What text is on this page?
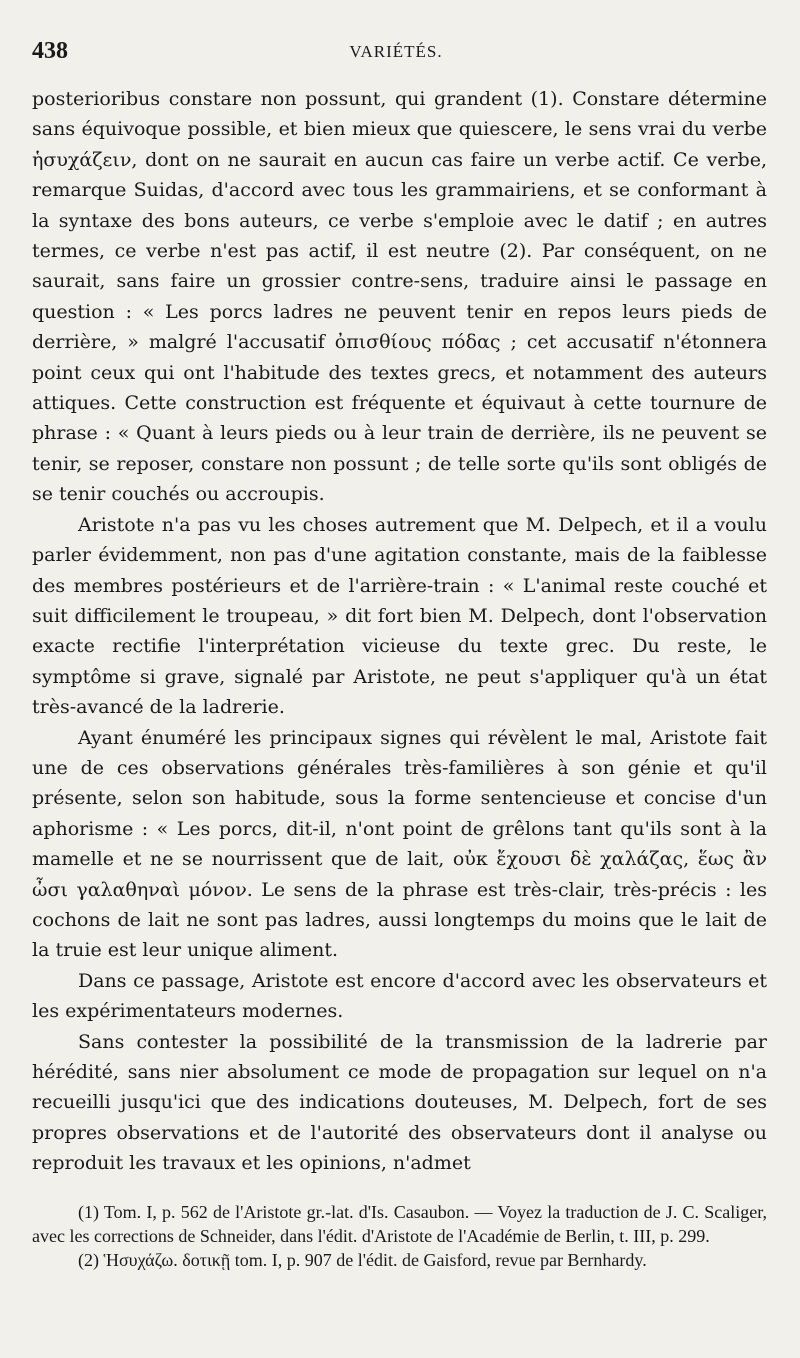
438	VARIÉTÉS.

posterioribus constare non possunt, qui grandent (1). Constare détermine sans équivoque possible, et bien mieux que quiescere, le sens vrai du verbe ἡσυχάζειν, dont on ne saurait en aucun cas faire un verbe actif. Ce verbe, remarque Suidas, d'accord avec tous les grammairiens, et se conformant à la syntaxe des bons auteurs, ce verbe s'emploie avec le datif ; en autres termes, ce verbe n'est pas actif, il est neutre (2). Par conséquent, on ne saurait, sans faire un grossier contre-sens, traduire ainsi le passage en question : « Les porcs ladres ne peuvent tenir en repos leurs pieds de derrière, » malgré l'accusatif ὀπισθίους πόδας ; cet accusatif n'étonnera point ceux qui ont l'habitude des textes grecs, et notamment des auteurs attiques. Cette construction est fréquente et équivaut à cette tournure de phrase : « Quant à leurs pieds ou à leur train de derrière, ils ne peuvent se tenir, se reposer, constare non possunt ; de telle sorte qu'ils sont obligés de se tenir couchés ou accroupis.

Aristote n'a pas vu les choses autrement que M. Delpech, et il a voulu parler évidemment, non pas d'une agitation constante, mais de la faiblesse des membres postérieurs et de l'arrière-train : « L'animal reste couché et suit difficilement le troupeau, » dit fort bien M. Delpech, dont l'observation exacte rectifie l'interprétation vicieuse du texte grec. Du reste, le symptôme si grave, signalé par Aristote, ne peut s'appliquer qu'à un état très-avancé de la ladrerie.

Ayant énuméré les principaux signes qui révèlent le mal, Aristote fait une de ces observations générales très-familières à son génie et qu'il présente, selon son habitude, sous la forme sentencieuse et concise d'un aphorisme : « Les porcs, dit-il, n'ont point de grêlons tant qu'ils sont à la mamelle et ne se nourrissent que de lait, οὐκ ἔχουσι δὲ χαλάζας, ἕως ἂν ὦσι γαλαθηναὶ μόνον. Le sens de la phrase est très-clair, très-précis : les cochons de lait ne sont pas ladres, aussi longtemps du moins que le lait de la truie est leur unique aliment.

Dans ce passage, Aristote est encore d'accord avec les observateurs et les expérimentateurs modernes.

Sans contester la possibilité de la transmission de la ladrerie par hérédité, sans nier absolument ce mode de propagation sur lequel on n'a recueilli jusqu'ici que des indications douteuses, M. Delpech, fort de ses propres observations et de l'autorité des observateurs dont il analyse ou reproduit les travaux et les opinions, n'admet

(1) Tom. I, p. 562 de l'Aristote gr.-lat. d'Is. Casaubon. — Voyez la traduction de J. C. Scaliger, avec les corrections de Schneider, dans l'édit. d'Aristote de l'Académie de Berlin, t. III, p. 299.

(2) Ἡσυχάζω. δοτικῇ tom. I, p. 907 de l'édit. de Gaisford, revue par Bernhardy.
